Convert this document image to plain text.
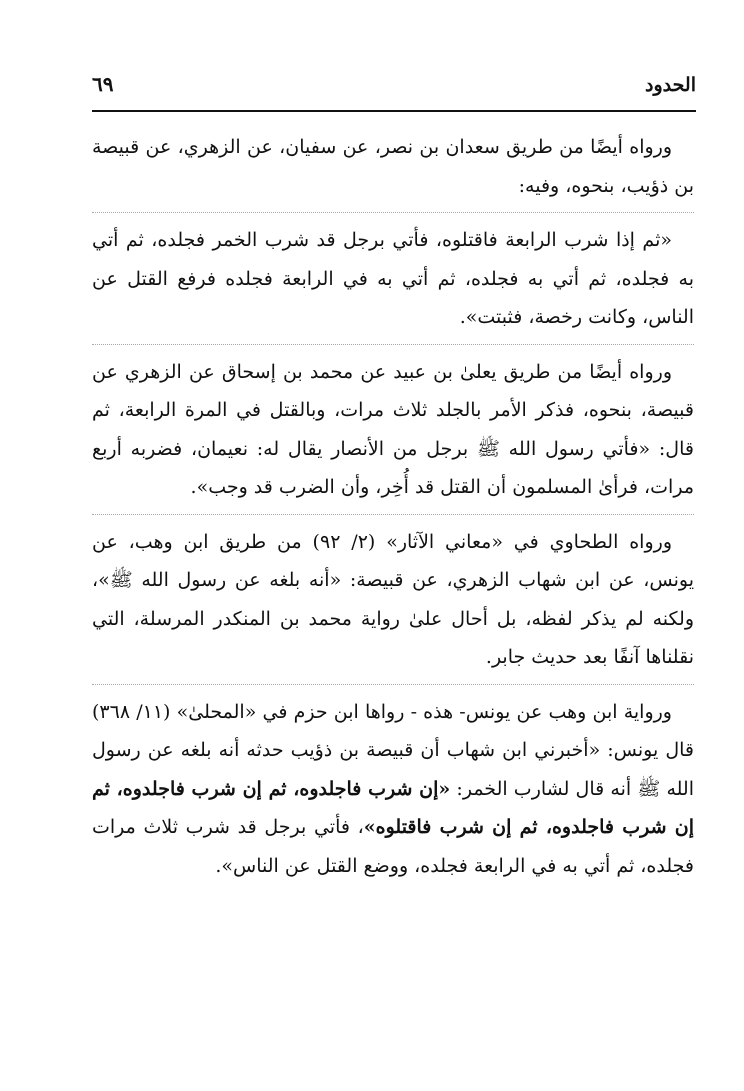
الحدود
٦٩

ورواه أيضًا من طريق سعدان بن نصر، عن سفيان، عن الزهري، عن قبيصة بن ذؤيب، بنحوه، وفيه:

«ثم إذا شرب الرابعة فاقتلوه، فأتي برجل قد شرب الخمر فجلده، ثم أتي به فجلده، ثم أتي به فجلده، ثم أتي به في الرابعة فجلده فرفع القتل عن الناس، وكانت رخصة، فثبتت».

ورواه أيضًا من طريق يعلىٰ بن عبيد عن محمد بن إسحاق عن الزهري عن قبيصة، بنحوه، فذكر الأمر بالجلد ثلاث مرات، وبالقتل في المرة الرابعة، ثم قال: «فأتي رسول الله ﷺ برجل من الأنصار يقال له: نعيمان، فضربه أربع مرات، فرأىٰ المسلمون أن القتل قد أُخِر، وأن الضرب قد وجب».

ورواه الطحاوي في «معاني الآثار» (٢/ ٩٢) من طريق ابن وهب، عن يونس، عن ابن شهاب الزهري، عن قبيصة: «أنه بلغه عن رسول الله ﷺ»، ولكنه لم يذكر لفظه، بل أحال علىٰ رواية محمد بن المنكدر المرسلة، التي نقلناها آنفًا بعد حديث جابر.

ورواية ابن وهب عن يونس- هذه - رواها ابن حزم في «المحلىٰ» (١١/ ٣٦٨) قال يونس: «أخبرني ابن شهاب أن قبيصة بن ذؤيب حدثه أنه بلغه عن رسول الله ﷺ أنه قال لشارب الخمر: «إن شرب فاجلدوه، ثم إن شرب فاجلدوه، ثم إن شرب فاجلدوه، ثم إن شرب فاقتلوه»، فأتي برجل قد شرب ثلاث مرات فجلده، ثم أتي به في الرابعة فجلده، ووضع القتل عن الناس».
